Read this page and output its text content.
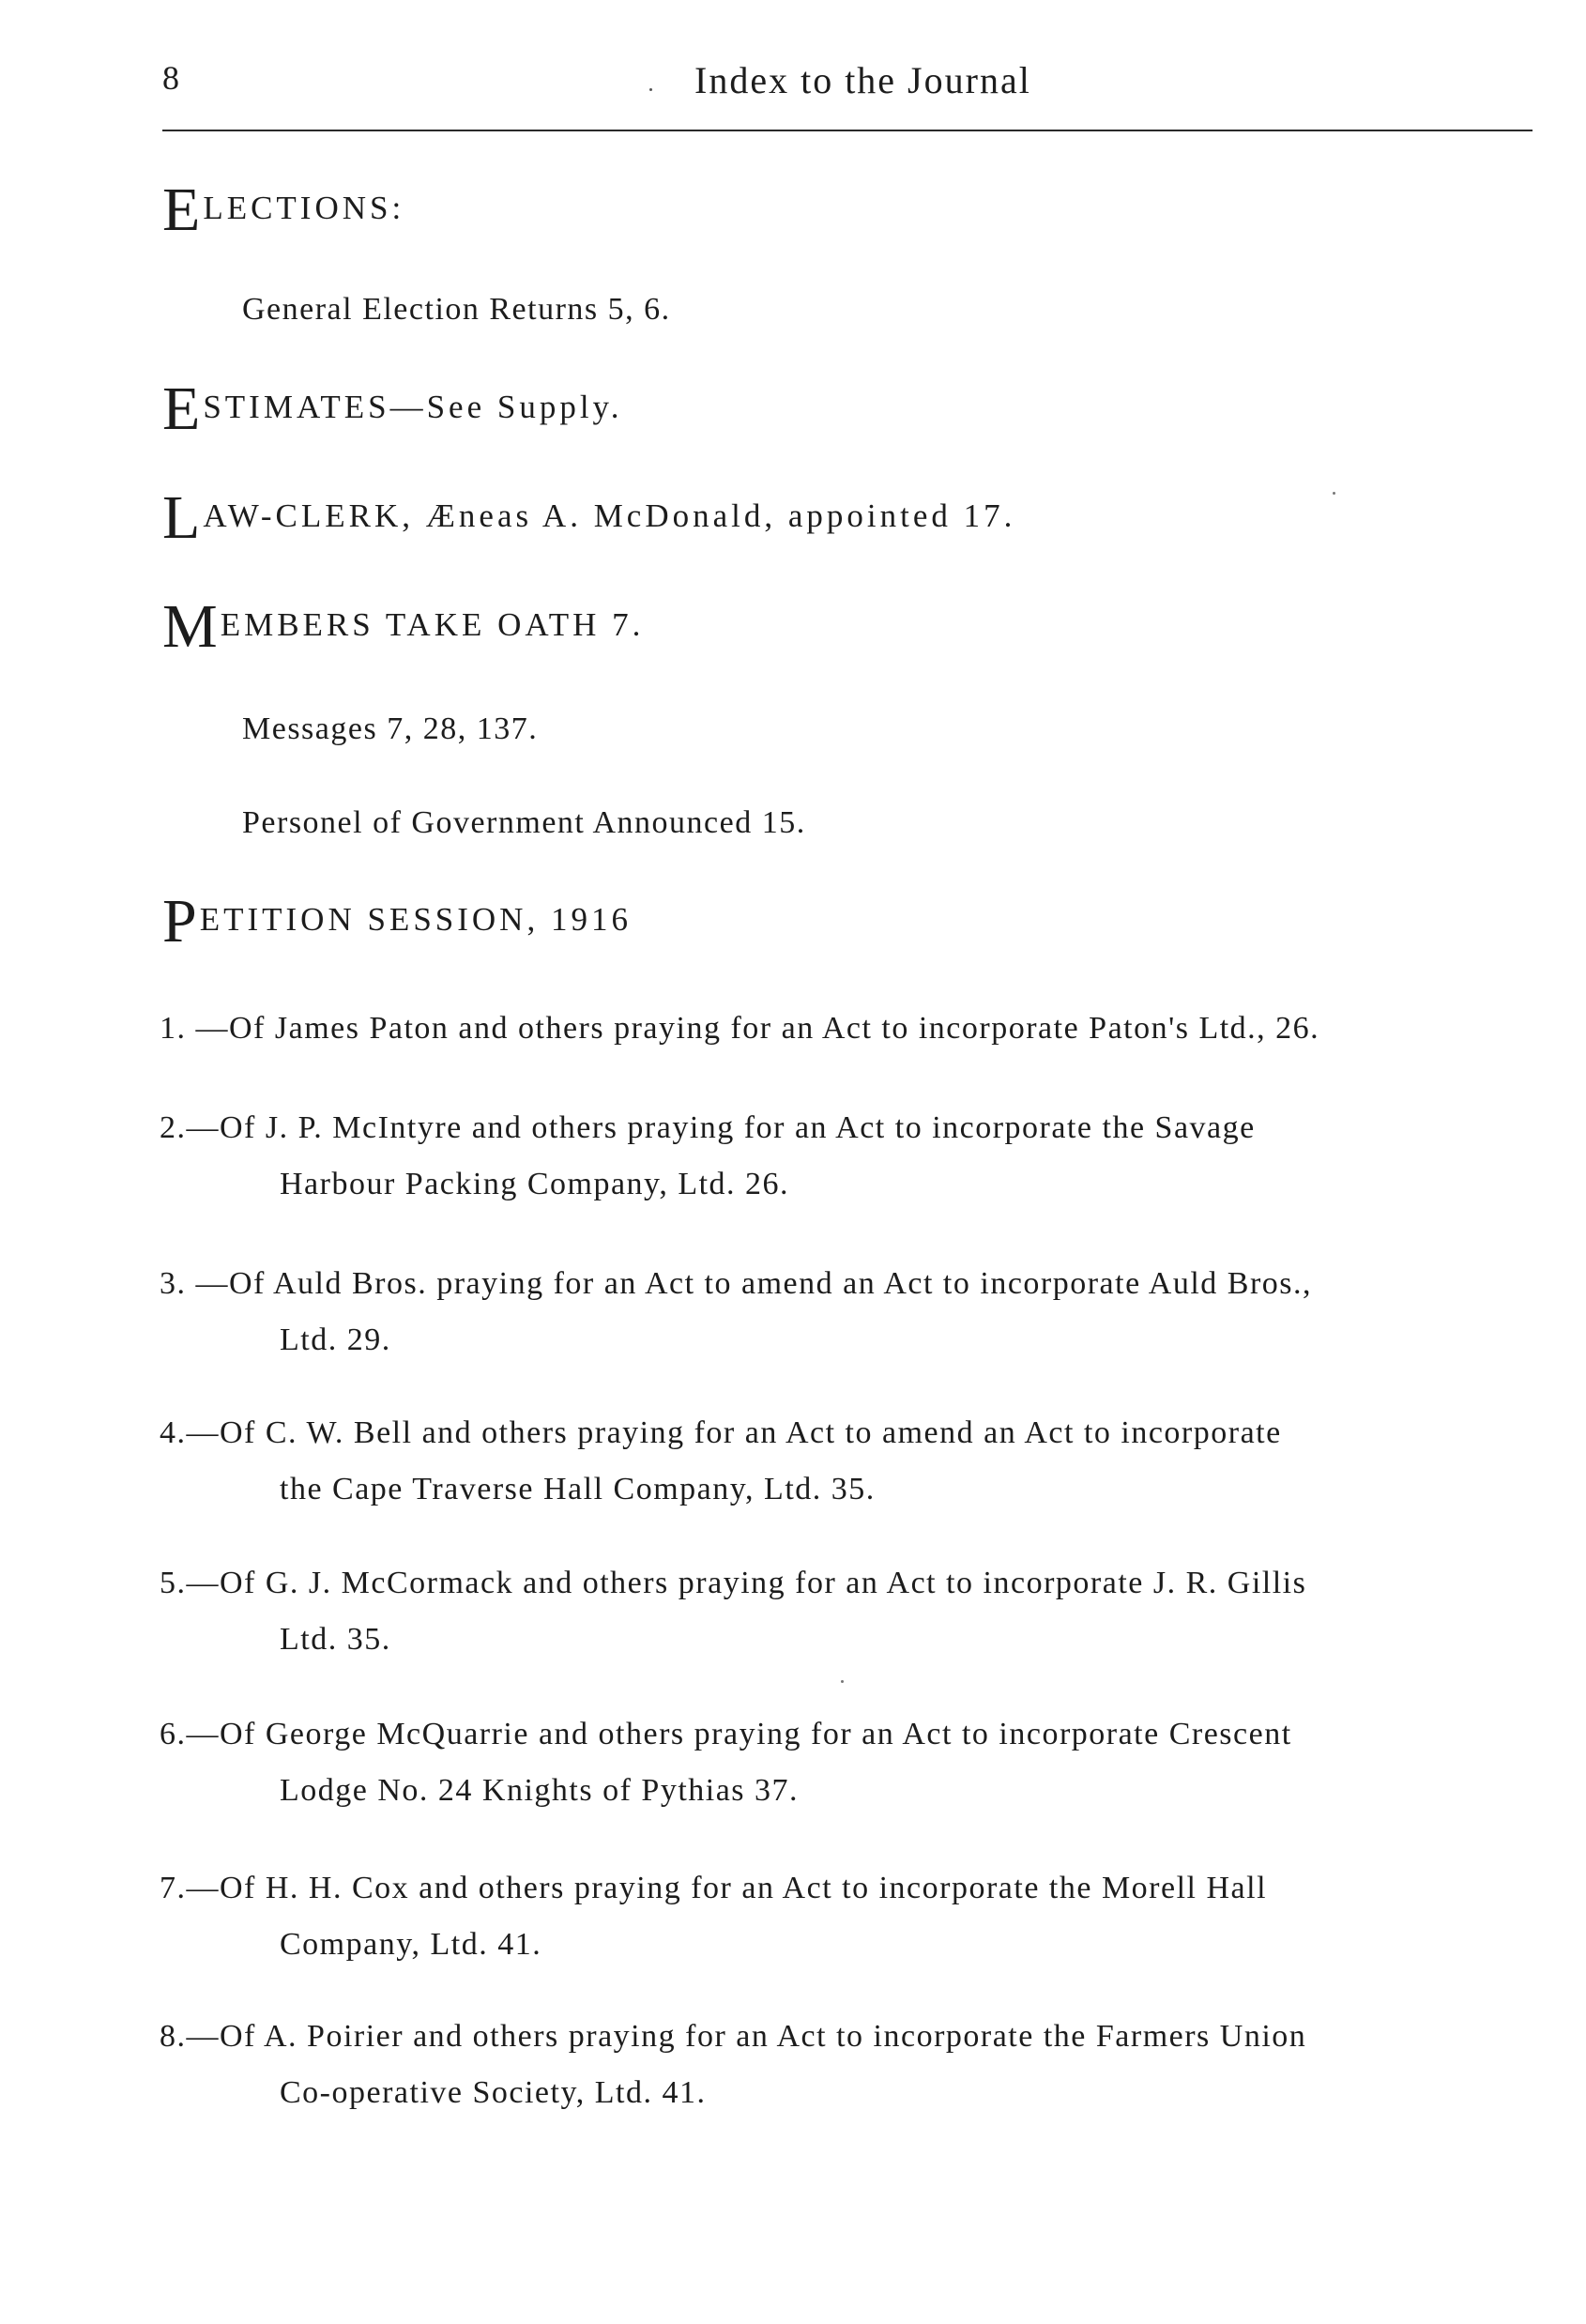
8	Index to the Journal
E LECTIONS:
General Election Returns 5, 6.
E STIMATES—See Supply.
L AW-CLERK, Æneas A. McDonald, appointed 17.
M EMBERS TAKE OATH 7.
Messages 7, 28, 137.
Personel of Government Announced 15.
P ETITION SESSION, 1916
1. —Of James Paton and others praying for an Act to incorporate Paton's Ltd., 26.
2.—Of J. P. McIntyre and others praying for an Act to incorporate the Savage
Harbour Packing Company, Ltd. 26.
3. —Of Auld Bros. praying for an Act to amend an Act to incorporate Auld Bros.,
Ltd. 29.
4.—Of C. W. Bell and others praying for an Act to amend an Act to incorporate
the Cape Traverse Hall Company, Ltd. 35.
5.—Of G. J. McCormack and others praying for an Act to incorporate J. R. Gillis
Ltd. 35.
6.—Of George McQuarrie and others praying for an Act to incorporate Crescent
Lodge No. 24 Knights of Pythias 37.
7.—Of H. H. Cox and others praying for an Act to incorporate the Morell Hall
Company, Ltd. 41.
8.—Of A. Poirier and others praying for an Act to incorporate the Farmers Union
Co-operative Society, Ltd. 41.
